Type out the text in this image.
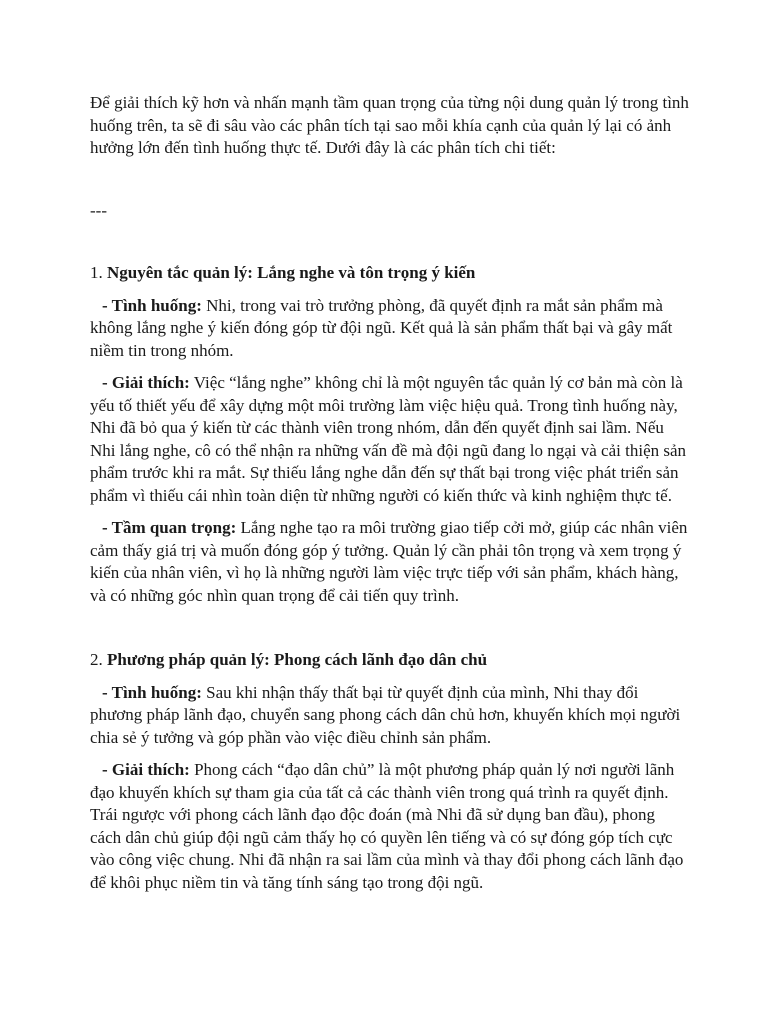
Để giải thích kỹ hơn và nhấn mạnh tầm quan trọng của từng nội dung quản lý trong tình huống trên, ta sẽ đi sâu vào các phân tích tại sao mỗi khía cạnh của quản lý lại có ảnh hưởng lớn đến tình huống thực tế. Dưới đây là các phân tích chi tiết:

---

1. Nguyên tắc quản lý: Lắng nghe và tôn trọng ý kiến

- Tình huống: Nhi, trong vai trò trưởng phòng, đã quyết định ra mắt sản phẩm mà không lắng nghe ý kiến đóng góp từ đội ngũ. Kết quả là sản phẩm thất bại và gây mất niềm tin trong nhóm.

- Giải thích: Việc “lắng nghe” không chỉ là một nguyên tắc quản lý cơ bản mà còn là yếu tố thiết yếu để xây dựng một môi trường làm việc hiệu quả. Trong tình huống này, Nhi đã bỏ qua ý kiến từ các thành viên trong nhóm, dẫn đến quyết định sai lầm. Nếu Nhi lắng nghe, cô có thể nhận ra những vấn đề mà đội ngũ đang lo ngại và cải thiện sản phẩm trước khi ra mắt. Sự thiếu lắng nghe dẫn đến sự thất bại trong việc phát triển sản phẩm vì thiếu cái nhìn toàn diện từ những người có kiến thức và kinh nghiệm thực tế.

- Tầm quan trọng: Lắng nghe tạo ra môi trường giao tiếp cởi mở, giúp các nhân viên cảm thấy giá trị và muốn đóng góp ý tưởng. Quản lý cần phải tôn trọng và xem trọng ý kiến của nhân viên, vì họ là những người làm việc trực tiếp với sản phẩm, khách hàng, và có những góc nhìn quan trọng để cải tiến quy trình.

2. Phương pháp quản lý: Phong cách lãnh đạo dân chủ

- Tình huống: Sau khi nhận thấy thất bại từ quyết định của mình, Nhi thay đổi phương pháp lãnh đạo, chuyển sang phong cách dân chủ hơn, khuyến khích mọi người chia sẻ ý tưởng và góp phần vào việc điều chỉnh sản phẩm.

- Giải thích: Phong cách “đạo dân chủ” là một phương pháp quản lý nơi người lãnh đạo khuyến khích sự tham gia của tất cả các thành viên trong quá trình ra quyết định. Trái ngược với phong cách lãnh đạo độc đoán (mà Nhi đã sử dụng ban đầu), phong cách dân chủ giúp đội ngũ cảm thấy họ có quyền lên tiếng và có sự đóng góp tích cực vào công việc chung. Nhi đã nhận ra sai lầm của mình và thay đổi phong cách lãnh đạo để khôi phục niềm tin và tăng tính sáng tạo trong đội ngũ.
